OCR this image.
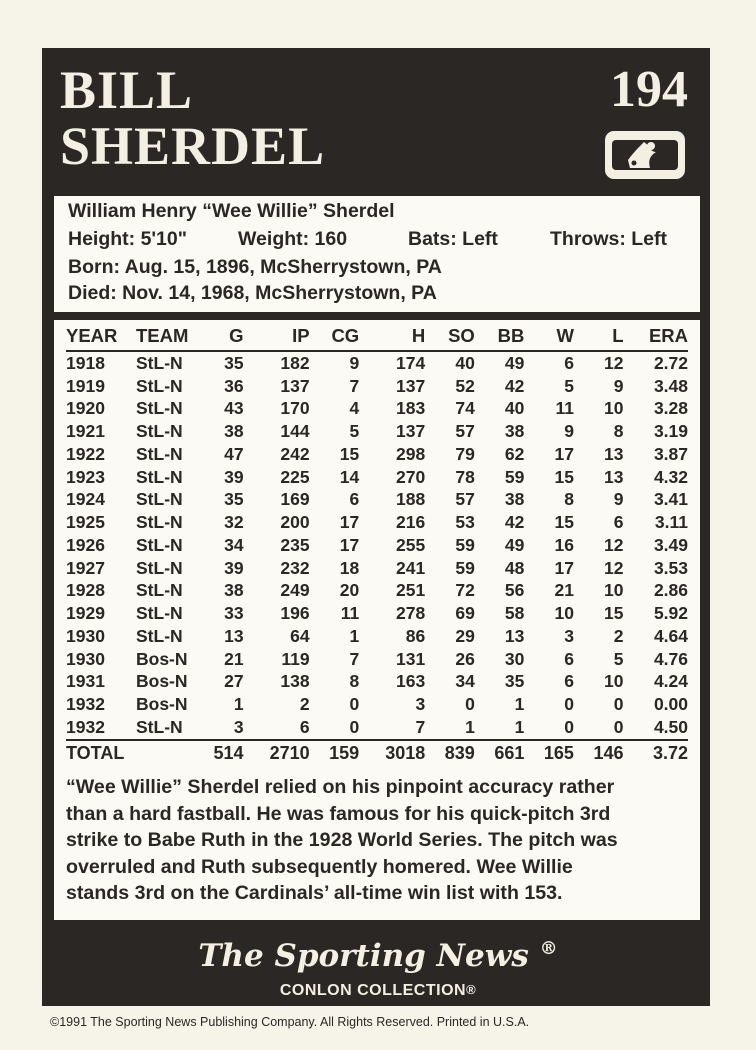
BILL
SHERDEL
194
William Henry “Wee Willie” Sherdel
Height: 5'10"	Weight: 160	Bats: Left	Throws: Left
Born: Aug. 15, 1896, McSherrystown, PA
Died: Nov. 14, 1968, McSherrystown, PA
YEAR	TEAM	G	IP	CG	H	SO	BB	W	L	ERA
1918	StL-N	35	182	9	174	40	49	6	12	2.72
1919	StL-N	36	137	7	137	52	42	5	9	3.48
1920	StL-N	43	170	4	183	74	40	11	10	3.28
1921	StL-N	38	144	5	137	57	38	9	8	3.19
1922	StL-N	47	242	15	298	79	62	17	13	3.87
1923	StL-N	39	225	14	270	78	59	15	13	4.32
1924	StL-N	35	169	6	188	57	38	8	9	3.41
1925	StL-N	32	200	17	216	53	42	15	6	3.11
1926	StL-N	34	235	17	255	59	49	16	12	3.49
1927	StL-N	39	232	18	241	59	48	17	12	3.53
1928	StL-N	38	249	20	251	72	56	21	10	2.86
1929	StL-N	33	196	11	278	69	58	10	15	5.92
1930	StL-N	13	64	1	86	29	13	3	2	4.64
1930	Bos-N	21	119	7	131	26	30	6	5	4.76
1931	Bos-N	27	138	8	163	34	35	6	10	4.24
1932	Bos-N	1	2	0	3	0	1	0	0	0.00
1932	StL-N	3	6	0	7	1	1	0	0	4.50
TOTAL		514	2710	159	3018	839	661	165	146	3.72
“Wee Willie” Sherdel relied on his pinpoint accuracy rather
than a hard fastball. He was famous for his quick-pitch 3rd
strike to Babe Ruth in the 1928 World Series. The pitch was
overruled and Ruth subsequently homered. Wee Willie
stands 3rd on the Cardinals’ all-time win list with 153.
The Sporting News ®
CONLON COLLECTION®
©1991 The Sporting News Publishing Company. All Rights Reserved. Printed in U.S.A.
